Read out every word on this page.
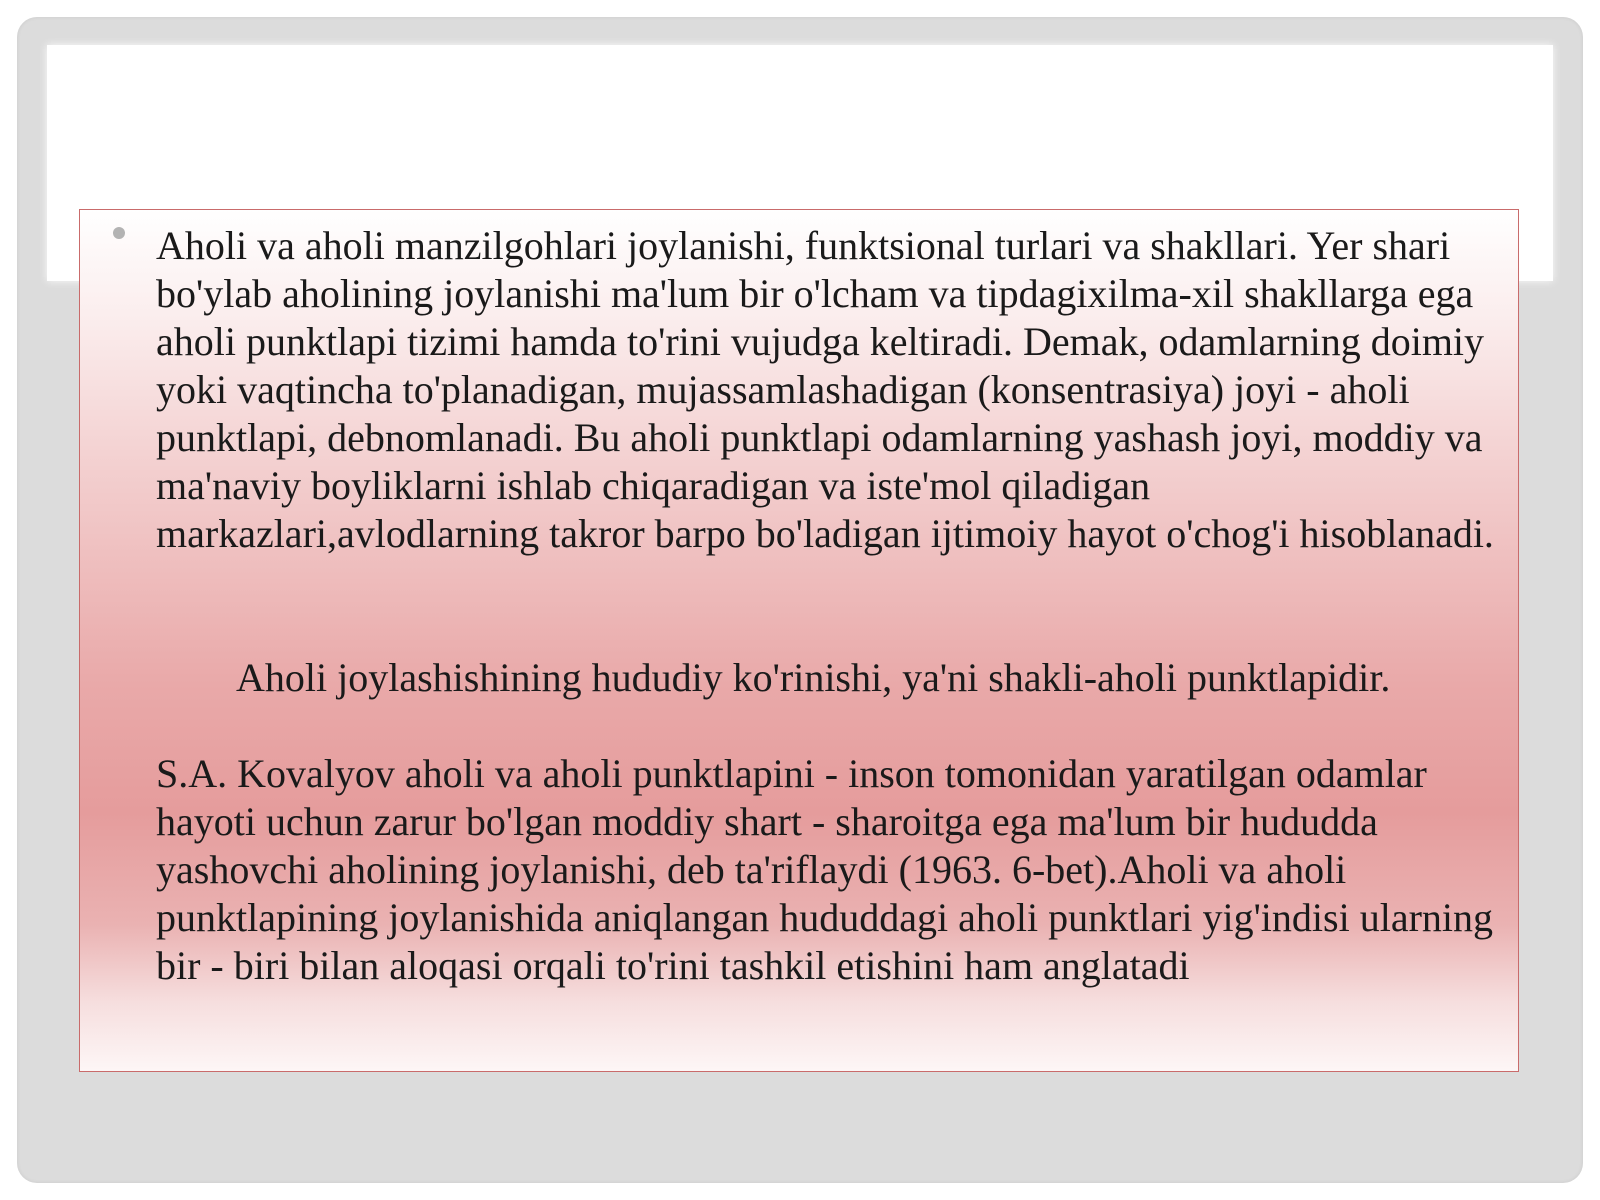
Aholi va aholi manzilgohlari joylanishi, funktsional turlari va shakllari. Yer shari bo'ylab aholining joylanishi ma'lum bir o'lcham va tipdagixilma-xil shakllarga ega aholi punktlapi tizimi hamda to'rini vujudga keltiradi. Demak, odamlarning doimiy yoki vaqtincha to'planadigan, mujassamlashadigan (konsentrasiya) joyi - aholi punktlapi, debnomlanadi. Bu aholi punktlapi odamlarning yashash joyi, moddiy va ma'naviy boyliklarni ishlab chiqaradigan va iste'mol qiladigan markazlari,avlodlarning takror barpo bo'ladigan ijtimoiy hayot o'chog'i hisoblanadi.

Aholi joylashishining hududiy ko'rinishi, ya'ni shakli-aholi punktlapidir.

S.A. Kovalyov aholi va aholi punktlapini - inson tomonidan yaratilgan odamlar hayoti uchun zarur bo'lgan moddiy shart - sharoitga ega ma'lum bir hududda yashovchi aholining joylanishi, deb ta'riflaydi (1963. 6-bet).Aholi va aholi punktlapining joylanishida aniqlangan hududdagi aholi punktlari yig'indisi ularning bir - biri bilan aloqasi orqali to'rini tashkil etishini ham anglatadi
